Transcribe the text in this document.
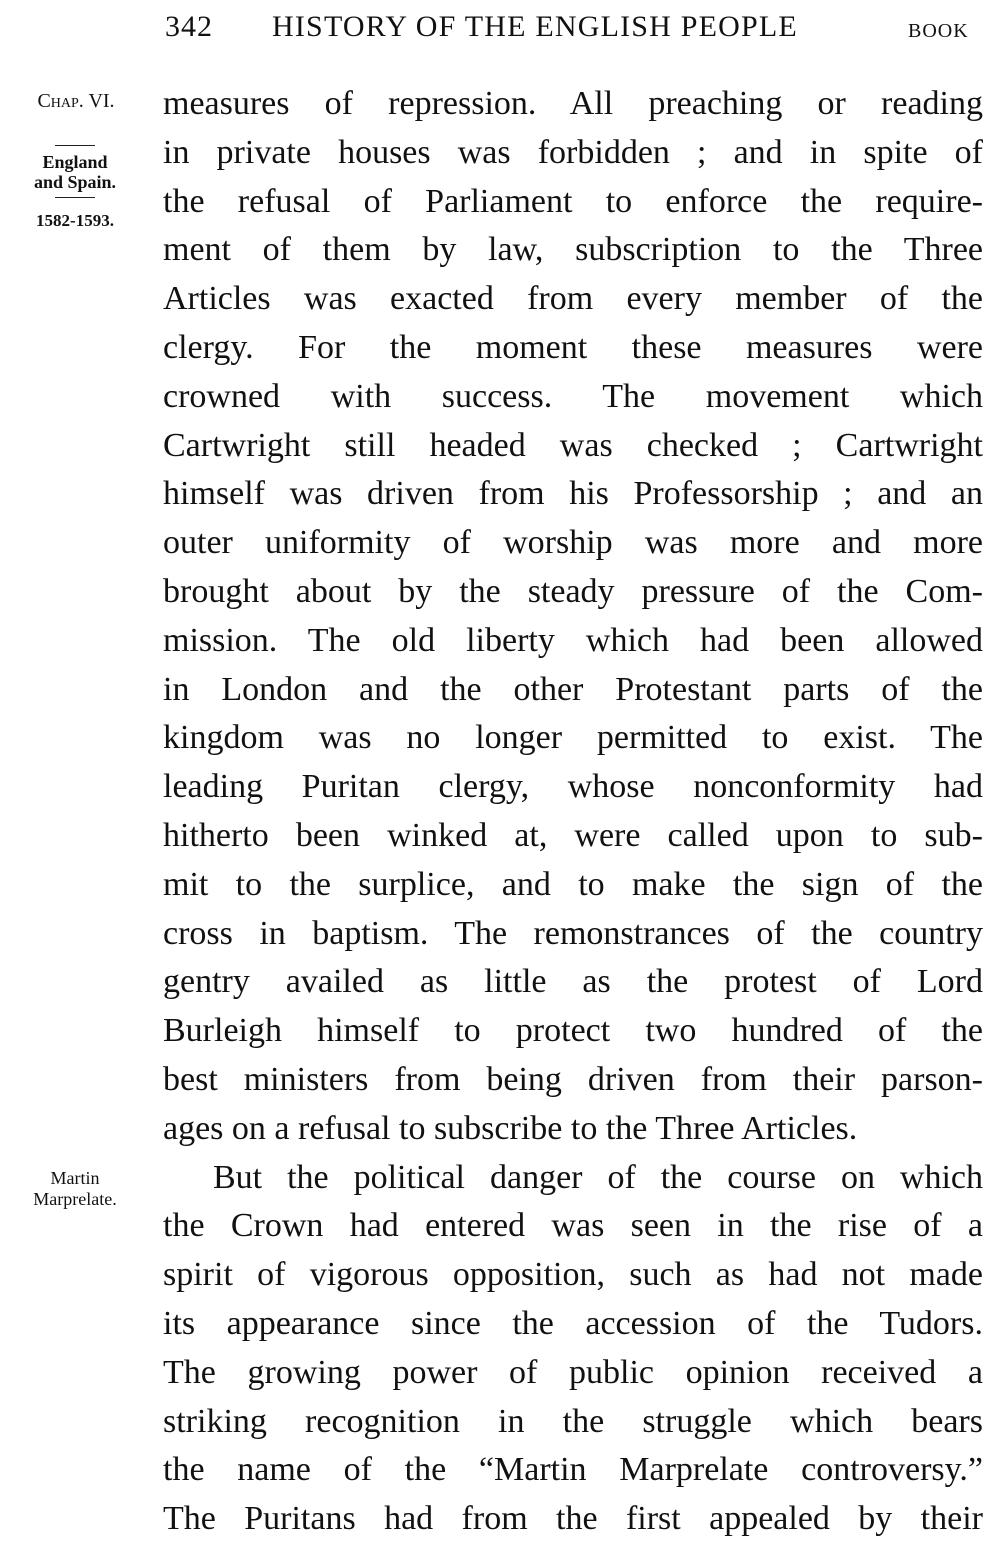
342 HISTORY OF THE ENGLISH PEOPLE	BOOK
Chap. VI.
England
and Spain.
1582-1593.
Martin
Marprelate.
measures of repression. All preaching or reading
in private houses was forbidden ; and in spite of
the refusal of Parliament to enforce the require-
ment of them by law, subscription to the Three
Articles was exacted from every member of the
clergy. For the moment these measures were
crowned with success. The movement which
Cartwright still headed was checked ; Cartwright
himself was driven from his Professorship ; and an
outer uniformity of worship was more and more
brought about by the steady pressure of the Com-
mission. The old liberty which had been allowed
in London and the other Protestant parts of the
kingdom was no longer permitted to exist. The
leading Puritan clergy, whose nonconformity had
hitherto been winked at, were called upon to sub-
mit to the surplice, and to make the sign of the
cross in baptism. The remonstrances of the country
gentry availed as little as the protest of Lord
Burleigh himself to protect two hundred of the
best ministers from being driven from their parson-
ages on a refusal to subscribe to the Three Articles.
But the political danger of the course on which
the Crown had entered was seen in the rise of a
spirit of vigorous opposition, such as had not made
its appearance since the accession of the Tudors.
The growing power of public opinion received a
striking recognition in the struggle which bears
the name of the “Martin Marprelate controversy.”
The Puritans had from the first appealed by their
